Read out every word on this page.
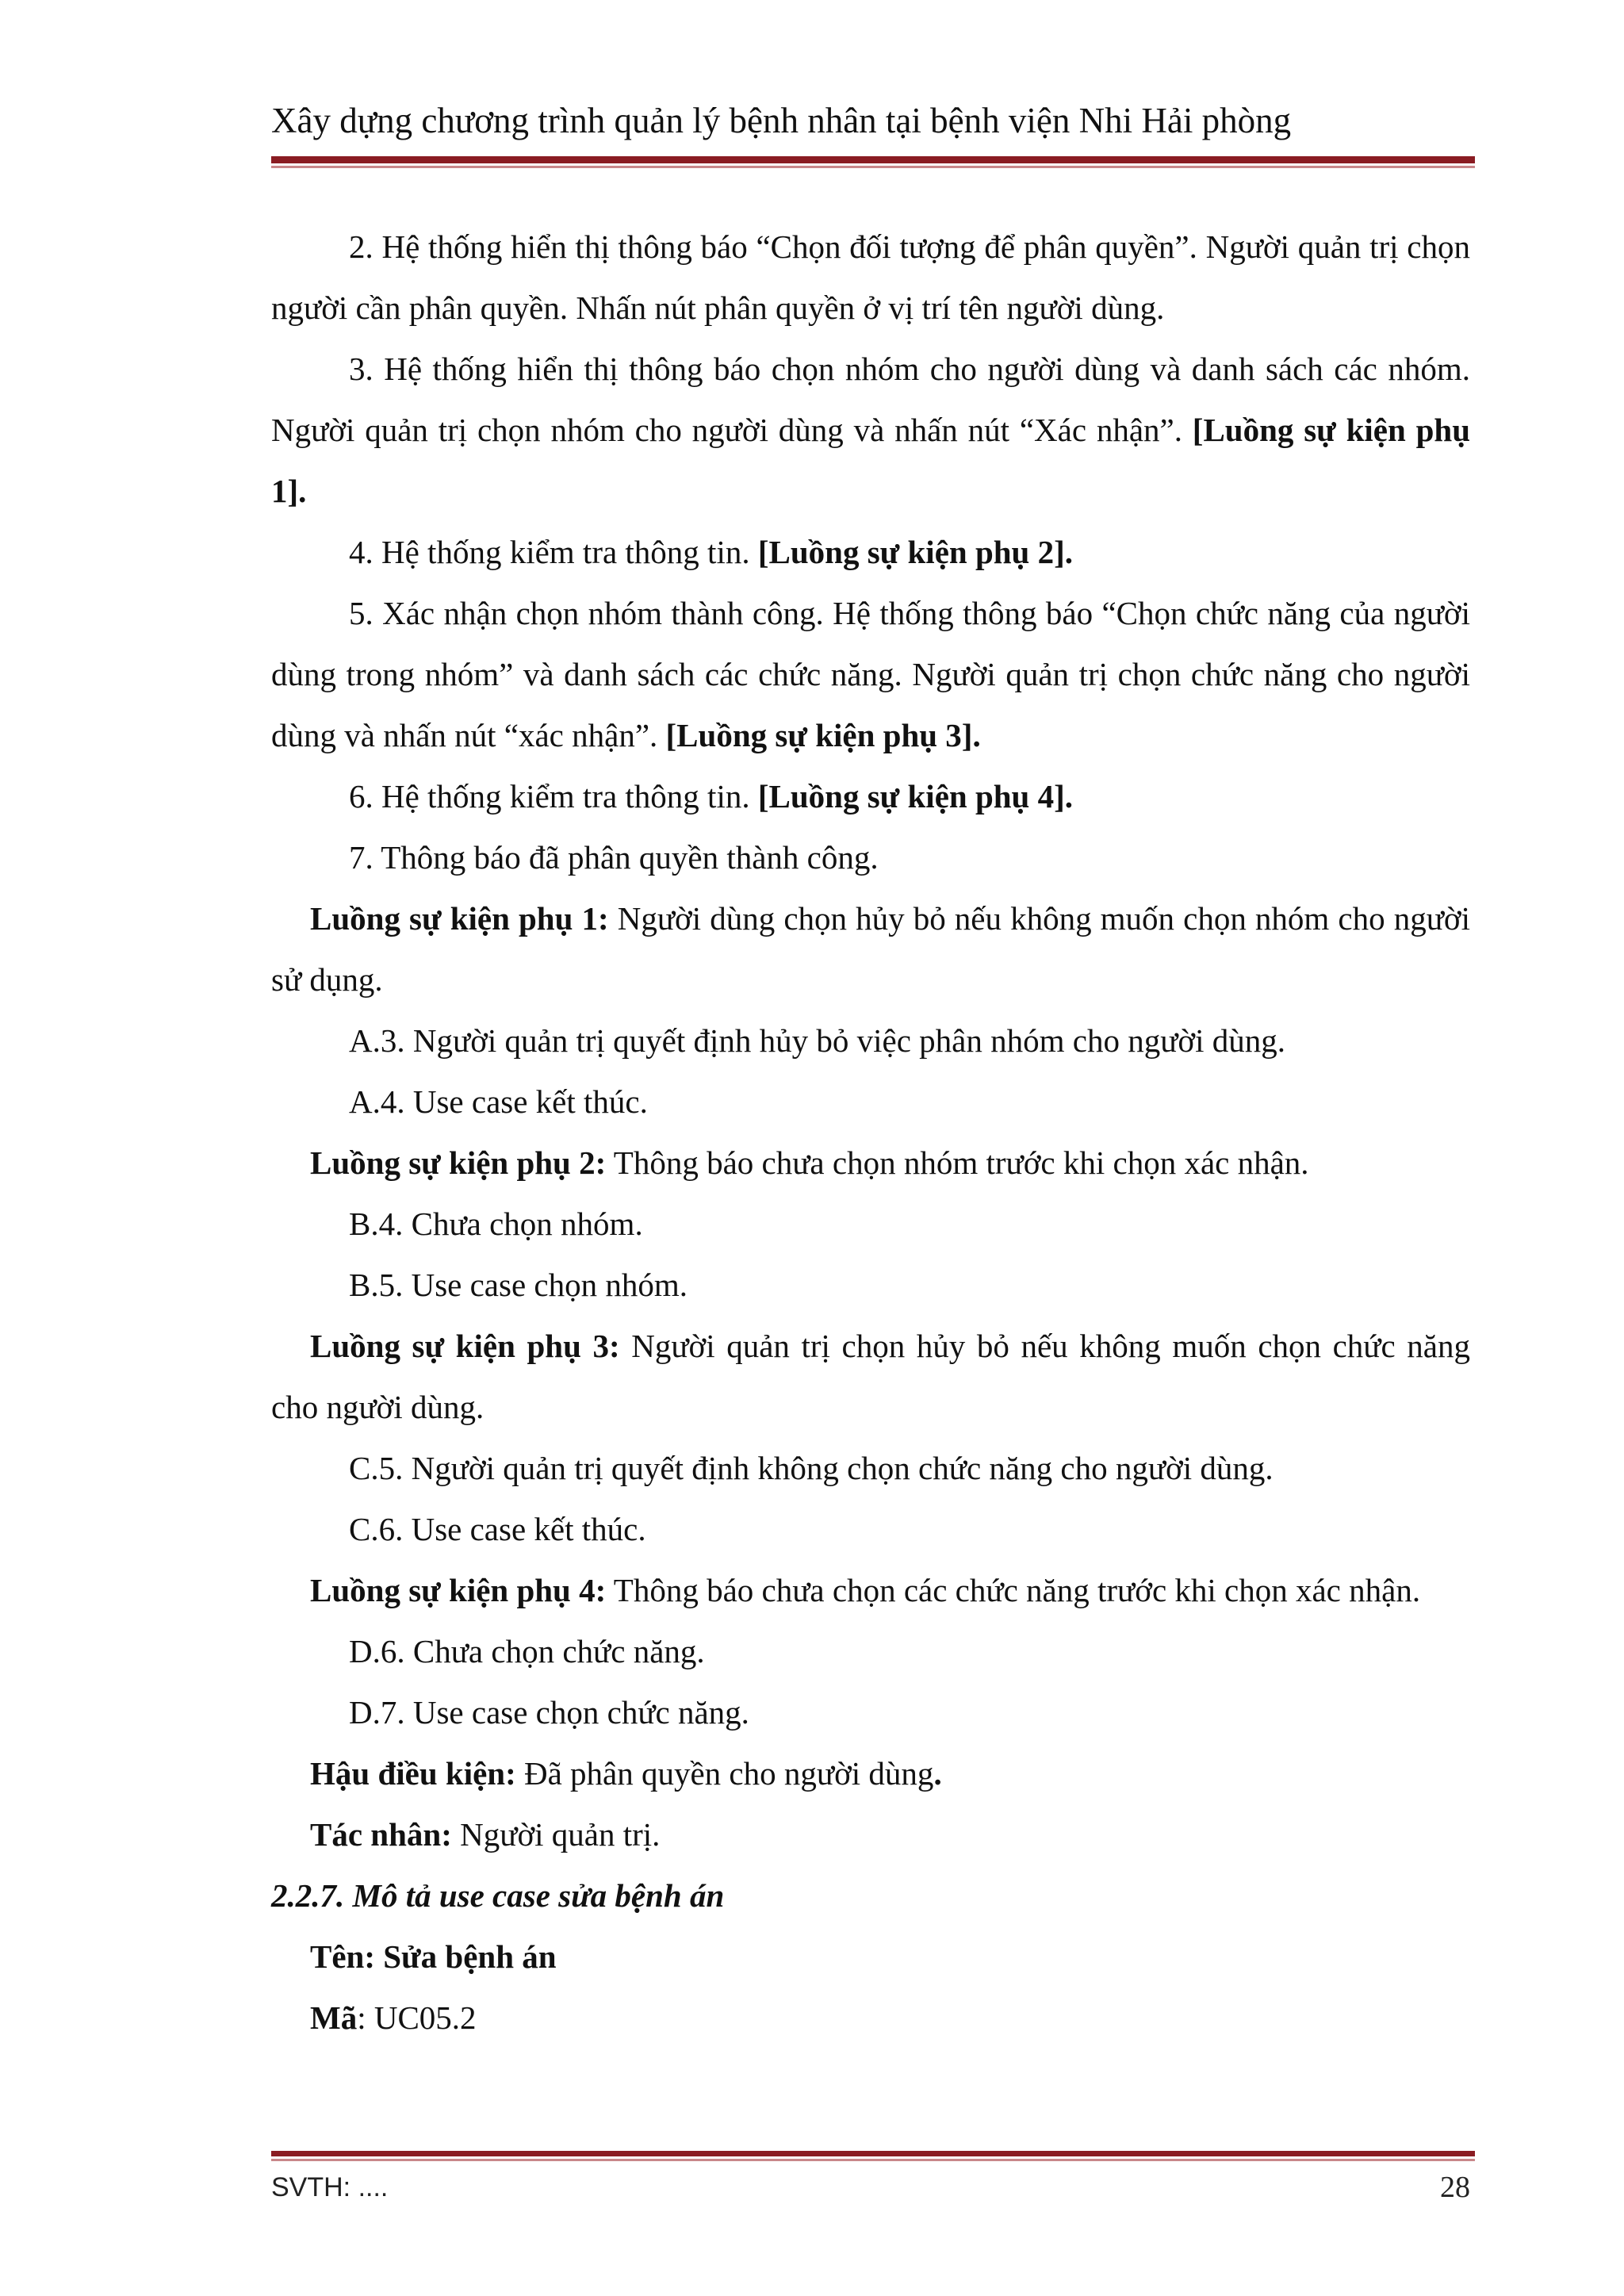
Xây dựng chương trình quản lý bệnh nhân tại bệnh viện Nhi Hải phòng

2. Hệ thống hiển thị thông báo “Chọn đối tượng để phân quyền”. Người quản trị chọn người cần phân quyền. Nhấn nút phân quyền ở vị trí tên người dùng.

3. Hệ thống hiển thị thông báo chọn nhóm cho người dùng và danh sách các nhóm. Người quản trị chọn nhóm cho người dùng và nhấn nút “Xác nhận”. [Luồng sự kiện phụ 1].

4. Hệ thống kiểm tra thông tin. [Luồng sự kiện phụ 2].

5. Xác nhận chọn nhóm thành công. Hệ thống thông báo “Chọn chức năng của người dùng trong nhóm” và danh sách các chức năng. Người quản trị chọn chức năng cho người dùng và nhấn nút “xác nhận”. [Luồng sự kiện phụ 3].

6. Hệ thống kiểm tra thông tin. [Luồng sự kiện phụ 4].

7. Thông báo đã phân quyền thành công.

Luồng sự kiện phụ 1: Người dùng chọn hủy bỏ nếu không muốn chọn nhóm cho người sử dụng.

A.3. Người quản trị quyết định hủy bỏ việc phân nhóm cho người dùng.

A.4. Use case kết thúc.

Luồng sự kiện phụ 2: Thông báo chưa chọn nhóm trước khi chọn xác nhận.

B.4. Chưa chọn nhóm.

B.5. Use case chọn nhóm.

Luồng sự kiện phụ 3: Người quản trị chọn hủy bỏ nếu không muốn chọn chức năng cho người dùng.

C.5. Người quản trị quyết định không chọn chức năng cho người dùng.

C.6. Use case kết thúc.

Luồng sự kiện phụ 4: Thông báo chưa chọn các chức năng trước khi chọn xác nhận.

D.6. Chưa chọn chức năng.

D.7. Use case chọn chức năng.

Hậu điều kiện: Đã phân quyền cho người dùng.

Tác nhân: Người quản trị.

2.2.7. Mô tả use case sửa bệnh án

Tên: Sửa bệnh án

Mã: UC05.2

SVTH: ....	28
